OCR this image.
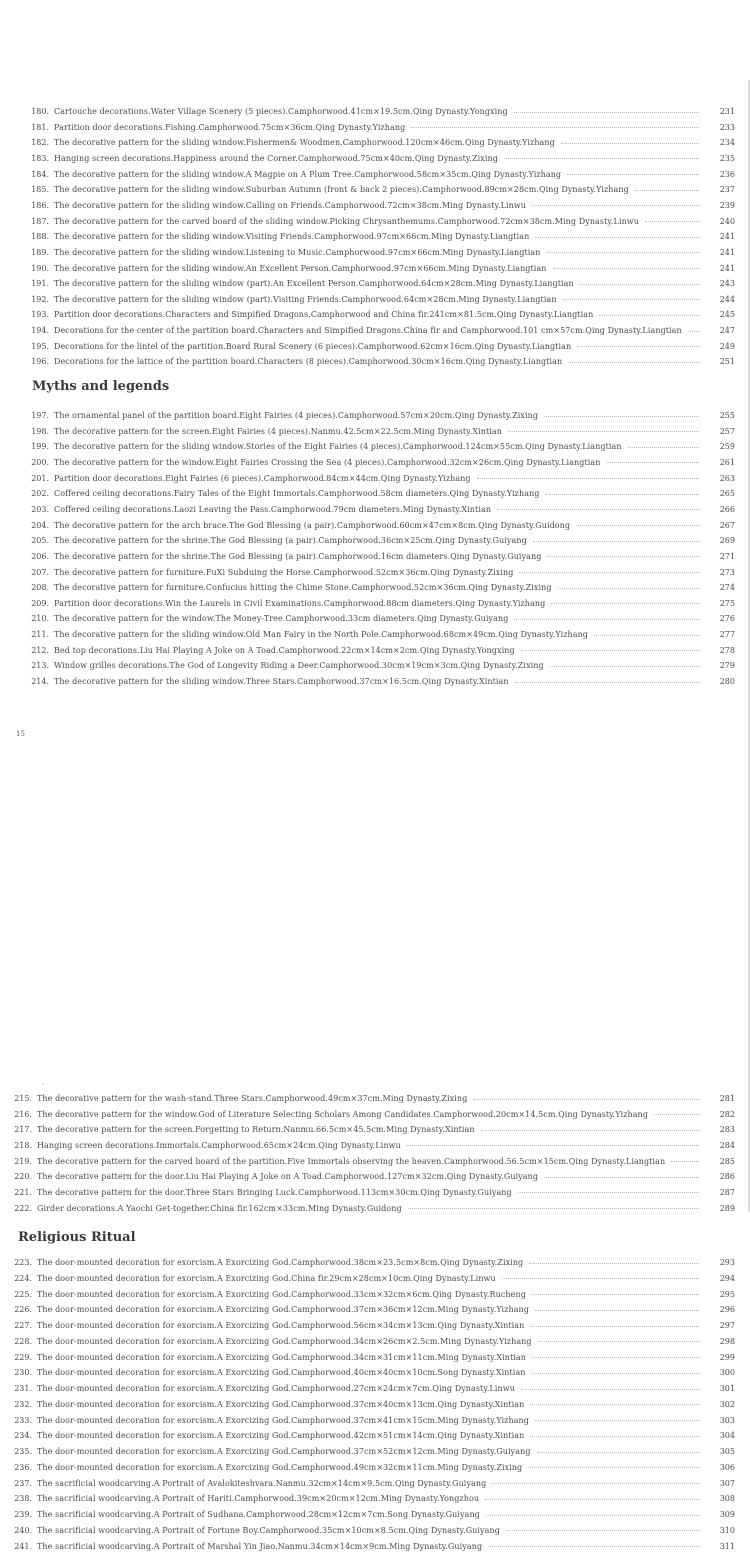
180. Cartouche decorations.Water Village Scenery (5 pieces).Camphorwood.41cm×19.5cm.Qing Dynasty.Yongxing	231
181. Partition door decorations.Fishing.Camphorwood.75cm×36cm.Qing Dynasty.Yizhang	233
182. The decorative pattern for the sliding window.Fishermen& Woodmen.Camphorwood.120cm×46cm.Qing Dynasty.Yizhang	234
183. Hanging screen decorations.Happiness around the Corner.Camphorwood.75cm×40cm.Qing Dynasty.Zixing	235
184. The decorative pattern for the sliding window.A Magpie on A Plum Tree.Camphorwood.58cm×35cm.Qing Dynasty.Yizhang	236
185. The decorative pattern for the sliding window.Suburban Autumn (front & back 2 pieces).Camphorwood.89cm×28cm.Qing Dynasty.Yizhang	237
186. The decorative pattern for the sliding window.Calling on Friends.Camphorwood.72cm×38cm.Ming Dynasty.Linwu	239
187. The decorative pattern for the carved board of the sliding window.Picking Chrysanthemums.Camphorwood.72cm×38cm.Ming Dynasty.Linwu	240
188. The decorative pattern for the sliding window.Visiting Friends.Camphorwood.97cm×66cm.Ming Dynasty.Liangtian	241
189. The decorative pattern for the sliding window.Listening to Music.Camphorwood.97cm×66cm.Ming Dynasty.Liangtian	241
190. The decorative pattern for the sliding window.An Excellent Person.Camphorwood.97cm×66cm.Ming Dynasty.Liangtian	241
191. The decorative pattern for the sliding window (part).An Excellent Person.Camphorwood.64cm×28cm.Ming Dynasty.Liangtian	243
192. The decorative pattern for the sliding window (part).Visiting Friends.Camphorwood.64cm×28cm.Ming Dynasty.Liangtian	244
193. Partition door decorations.Characters and Simpified Dragons.Camphorwood and China fir.241cm×81.5cm.Qing Dynasty.Liangtian	245
194. Decorations for the center of the partition board.Characters and Simpified Dragons.China fir and Camphorwood.101 cm×57cm.Qing Dynasty.Liangtian	247
195. Decorations for the lintel of the partition.Board Rural Scenery (6 pieces).Camphorwood.62cm×16cm.Qing Dynasty.Liangtian	249
196. Decorations for the lattice of the partition board.Characters (8 pieces).Camphorwood.30cm×16cm.Qing Dynasty.Liangtian	251
Myths and legends
197. The ornamental panel of the partition board.Eight Fairies (4 pieces).Camphorwood.57cm×20cm.Qing Dynasty.Zixing	255
198. The decorative pattern for the screen.Eight Fairies (4 pieces).Nanmu.42.5cm×22.5cm.Ming Dynasty.Xintian	257
199. The decorative pattern for the sliding window.Stories of the Eight Fairies (4 pieces).Camphorwood.124cm×55cm.Qing Dynasty.Liangtian	259
200. The decorative pattern for the window.Eight Fairies Crossing the Sea (4 pieces).Camphorwood.32cm×26cm.Qing Dynasty.Liangtian	261
201. Partition door decorations.Eight Fairies (6 pieces).Camphorwood.84cm×44cm.Qing Dynasty.Yizhang	263
202. Coffered ceiling decorations.Fairy Tales of the Eight Immortals.Camphorwood.58cm diameters.Qing Dynasty.Yizhang	265
203. Coffered ceiling decorations.Laozi Leaving the Pass.Camphorwood.79cm diameters.Ming Dynasty.Xintian	266
204. The decorative pattern for the arch brace.The God Blessing (a pair).Camphorwood.60cm×47cm×8cm.Qing Dynasty.Guidong	267
205. The decorative pattern for the shrine.The God Blessing (a pair).Camphorwood.36cm×25cm.Qing Dynasty.Guiyang	269
206. The decorative pattern for the shrine.The God Blessing (a pair).Camphorwood.16cm diameters.Qing Dynasty.Guiyang	271
207. The decorative pattern for furniture.FuXi Subduing the Horse.Camphorwood.52cm×36cm.Qing Dynasty.Zixing	273
208. The decorative pattern for furniture.Confucius hitting the Chime Stone.Camphorwood.52cm×36cm.Qing Dynasty.Zixing	274
209. Partition door decorations.Win the Laurels in Civil Examinations.Camphorwood.88cm diameters.Qing Dynasty.Yizhang	275
210. The decorative pattern for the window.The Money-Tree.Camphorwood.33cm diameters.Qing Dynasty.Guiyang	276
211. The decorative pattern for the sliding window.Old Man Fairy in the North Pole.Camphorwood.68cm×49cm.Qing Dynasty.Yizhang	277
212. Bed top decorations.Liu Hai Playing A Joke on A Toad.Camphorwood.22cm×14cm×2cm.Qing Dynasty.Yongxing	278
213. Window grilles decorations.The God of Longevity Riding a Deer.Camphorwood.30cm×19cm×3cm.Qing Dynasty.Zixing	279
214. The decorative pattern for the sliding window.Three Stars.Camphorwood.37cm×16.5cm.Qing Dynasty.Xintian	280
15
-
215. The decorative pattern for the wash-stand.Three Stars.Camphorwood.49cm×37cm.Ming Dynasty.Zixing	281
216. The decorative pattern for the window.God of Literature Selecting Scholars Among Candidates.Camphorwood.20cm×14.5cm.Qing Dynasty.Yizhang	282
217. The decorative pattern for the screen.Forgetting to Return.Nanmu.66.5cm×45.5cm.Ming Dynasty.Xintian	283
218. Hanging screen decorations.Immortals.Camphorwood.65cm×24cm.Qing Dynasty.Linwu	284
219. The decorative pattern for the carved board of the partition.Five Immortals observing the heaven.Camphorwood.56.5cm×15cm.Qing Dynasty.Liangtian	285
220. The decorative pattern for the door.Liu Hai Playing A Joke on A Toad.Camphorwood.127cm×32cm.Qing Dynasty.Guiyang	286
221. The decorative pattern for the door.Three Stars Bringing Luck.Camphorwood.113cm×30cm.Qing Dynasty.Guiyang	287
222. Girder decorations.A Yaochi Get-together.China fir.162cm×33cm.Ming Dynasty.Guidong	289
Religious Ritual
223. The door-mounted decoration for exorcism.A Exorcizing God.Camphorwood.38cm×23.5cm×8cm.Qing Dynasty.Zixing	293
224. The door-mounted decoration for exorcism.A Exorcizing God.China fir.29cm×28cm×10cm.Qing Dynasty.Linwu	294
225. The door-mounted decoration for exorcism.A Exorcizing God.Camphorwood.33cm×32cm×6cm.Qing Dynasty.Rucheng	295
226. The door-mounted decoration for exorcism.A Exorcizing God.Camphorwood.37cm×36cm×12cm.Ming Dynasty.Yizhang	296
227. The door-mounted decoration for exorcism.A Exorcizing God.Camphorwood.56cm×34cm×13cm.Qing Dynasty.Xintian	297
228. The door-mounted decoration for exorcism.A Exorcizing God.Camphorwood.34cm×26cm×2.5cm.Ming Dynasty.Yizhang	298
229. The door-mounted decoration for exorcism.A Exorcizing God.Camphorwood.34cm×31cm×11cm.Ming Dynasty.Xintian	299
230. The door-mounted decoration for exorcism.A Exorcizing God.Camphorwood.40cm×40cm×10cm.Song Dynasty.Xintian	300
231. The door-mounted decoration for exorcism.A Exorcizing God.Camphorwood.27cm×24cm×7cm.Qing Dynasty.Linwu	301
232. The door-mounted decoration for exorcism.A Exorcizing God.Camphorwood.37cm×40cm×13cm.Qing Dynasty.Xintian	302
233. The door-mounted decoration for exorcism.A Exorcizing God.Camphorwood.37cm×41cm×15cm.Ming Dynasty.Yizhang	303
234. The door-mounted decoration for exorcism.A Exorcizing God.Camphorwood.42cm×51cm×14cm.Qing Dynasty.Xintian	304
235. The door-mounted decoration for exorcism.A Exorcizing God.Camphorwood.37cm×52cm×12cm.Ming Dynasty.Guiyang	305
236. The door-mounted decoration for exorcism.A Exorcizing God.Camphorwood.49cm×32cm×11cm.Ming Dynasty.Zixing	306
237. The sacrificial woodcarving.A Portrait of Avalokiteshvara.Nanmu.32cm×14cm×9.5cm.Qing Dynasty.Guiyang	307
238. The sacrificial woodcarving.A Portrait of Hariti.Camphorwood.39cm×20cm×12cm.Ming Dynasty.Yongzhou	308
239. The sacrificial woodcarving.A Portrait of Sudhana.Camphorwood.28cm×12cm×7cm.Song Dynasty.Guiyang	309
240. The sacrificial woodcarving.A Portrait of Fortune Boy.Camphorwood.35cm×10cm×8.5cm.Qing Dynasty.Guiyang	310
241. The sacrificial woodcarving.A Portrait of Marshal Yin Jiao.Nanmu.34cm×14cm×9cm.Ming Dynasty.Guiyang	311
